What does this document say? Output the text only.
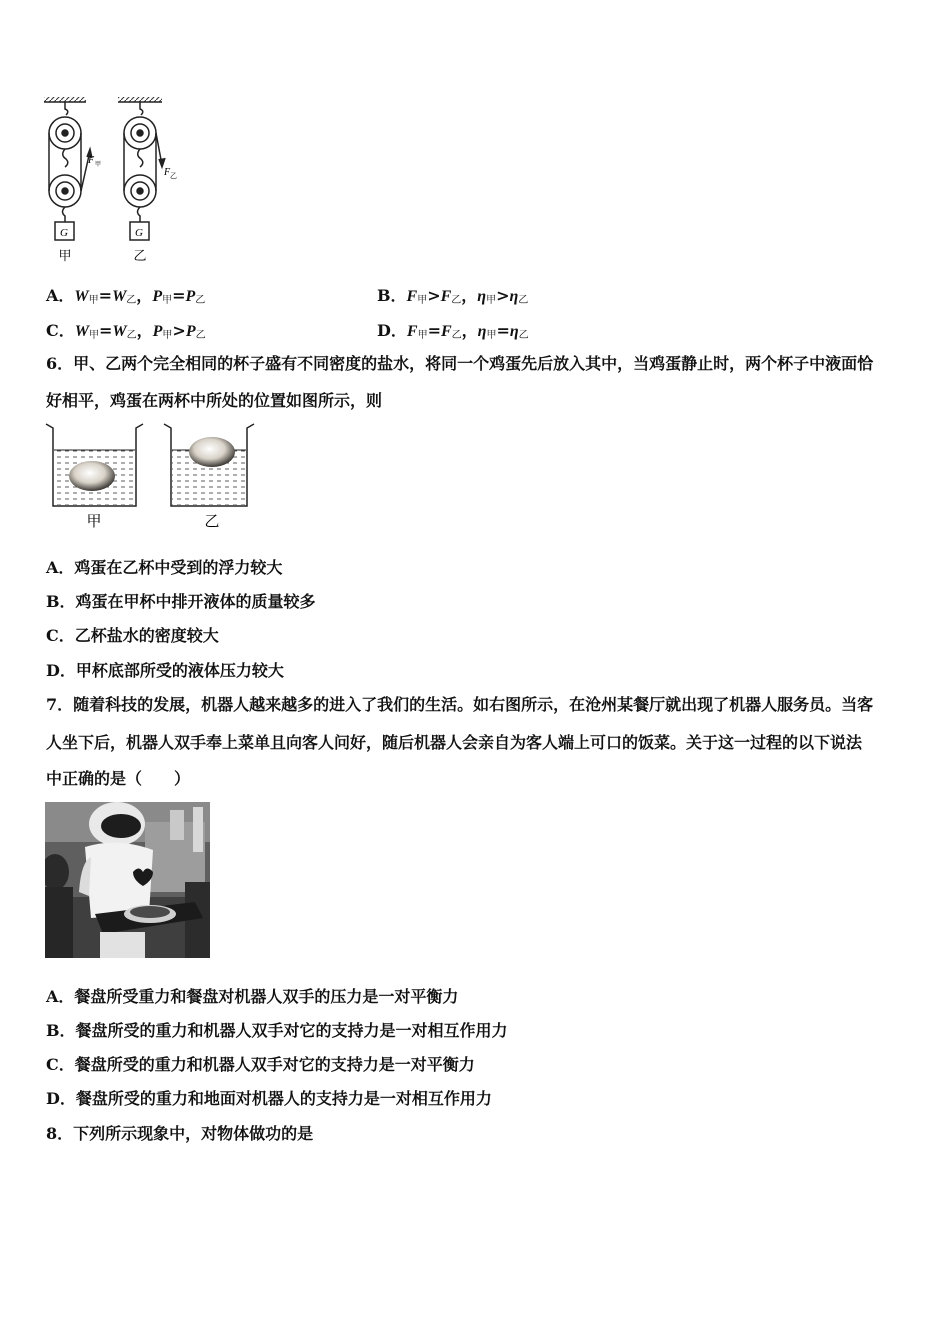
G	G
F 甲
F 乙
甲	乙
A．$W_甲=W_乙$，$P_甲=P_乙$	B．$F_甲>F_乙$，$\eta_甲>\eta_乙$
C．$W_甲=W_乙$，$P_甲>P_乙$	D．$F_甲=F_乙$，$\eta_甲=\eta_乙$
6．甲、乙两个完全相同的杯子盛有不同密度的盐水，将同一个鸡蛋先后放入其中，当鸡蛋静止时，两个杯子中液面恰
好相平，鸡蛋在两杯中所处的位置如图所示，则
甲	乙
A．鸡蛋在乙杯中受到的浮力较大
B．鸡蛋在甲杯中排开液体的质量较多
C．乙杯盐水的密度较大
D．甲杯底部所受的液体压力较大
7．随着科技的发展，机器人越来越多的进入了我们的生活。如右图所示，在沧州某餐厅就出现了机器人服务员。当客
人坐下后，机器人双手奉上菜单且向客人问好，随后机器人会亲自为客人端上可口的饭菜。关于这一过程的以下说法
中正确的是（　　）
A．餐盘所受重力和餐盘对机器人双手的压力是一对平衡力
B．餐盘所受的重力和机器人双手对它的支持力是一对相互作用力
C．餐盘所受的重力和机器人双手对它的支持力是一对平衡力
D．餐盘所受的重力和地面对机器人的支持力是一对相互作用力
8．下列所示现象中，对物体做功的是
